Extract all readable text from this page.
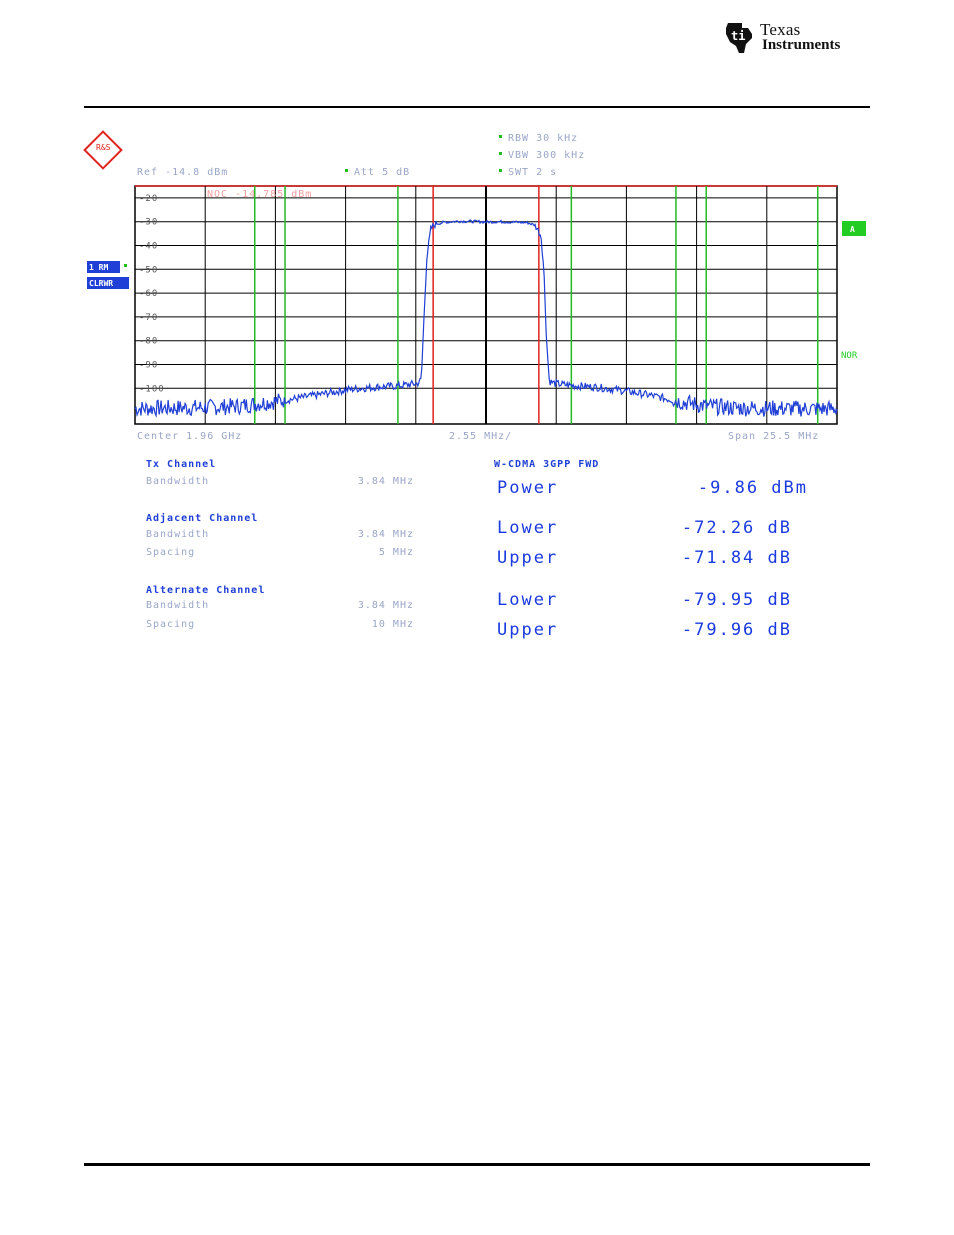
ti Texas
Instruments
R&S
RBW 30 kHz
VBW 300 kHz
SWT 2 s
Ref -14.8 dBm	Att 5 dB
-20
-30
-40
-50
-60
-70
-80
-90
-100
NOC -14.785 dBm
1 RM
CLRWR
A
NOR
Center 1.96 GHz	2.55 MHz/	Span 25.5 MHz
Tx Channel
Bandwidth	3.84 MHz
Adjacent Channel
Bandwidth	3.84 MHz
Spacing	5 MHz
Alternate Channel
Bandwidth	3.84 MHz
Spacing	10 MHz
W-CDMA 3GPP FWD
Power	-9.86 dBm
Lower	-72.26 dB
Upper	-71.84 dB
Lower	-79.95 dB
Upper	-79.96 dB
